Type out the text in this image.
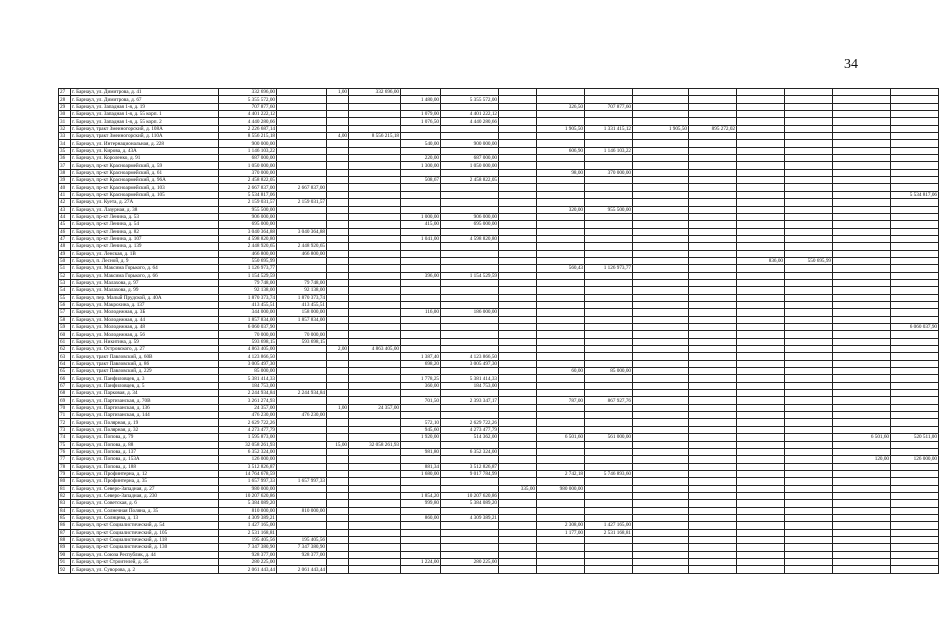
34
27	г. Барнаул, ул. Димитрова, д. 41	332 696,00		1,00	332 696,00											
28	г. Барнаул, ул. Димитрова, д. 67	5 355 572,00				1 480,00	5 355 572,00									
29	г. Барнаул, ул. Западная 1-я, д. 19	707 877,60							326,50	707 877,60						
30	г. Барнаул, ул. Западная 1-я, д. 55 корп. 1	4 401 222,12				1 079,00	4 401 222,12									
31	г. Барнаул, ул. Западная 1-я, д. 55 корп. 2	4 440 280,66				1 076,50	4 440 280,66									
32	г. Барнаул, тракт Змеиногорский, д. 108А	2 226 687,14							1 905,50	1 331 415,12	1 905,50	895 272,02				
33	г. Барнаул, тракт Змеиногорский, д. 110А	8 556 215,18		4,00	8 556 215,18											
34	г. Барнаул, ул. Интернациональная, д. 228	900 000,00				540,00	900 000,00									
35	г. Барнаул, ул. Кирова, д. 43А	1 146 103,22							606,90	1 146 103,22						
36	г. Барнаул, ул. Короленко, д. 91	687 000,00				220,00	687 000,00									
37	г. Барнаул, пр-кт Красноармейский, д. 59	1 050 000,00				1 300,00	1 050 000,00									
38	г. Барнаул, пр-кт Красноармейский, д. 61	370 000,00							98,00	370 000,00						
39	г. Барнаул, пр-кт Красноармейский, д. 96А	2 458 822,05				508,67	2 458 822,05									
40	г. Барнаул, пр-кт Красноармейский, д. 103	2 667 837,00	2 667 837,00													
41	г. Барнаул, пр-кт Красноармейский, д. 105	5 534 817,06														5 534 817,06
42	г. Барнаул, ул. Куета, д. 27А	2 159 031,57	2 159 031,57													
43	г. Барнаул, ул. Лазурная, д. 38	955 500,00							320,00	955 500,00						
44	г. Барнаул, пр-кт Ленина, д. 53	906 000,00				1 000,00	906 000,00									
45	г. Барнаул, пр-кт Ленина, д. 54	695 000,00				415,00	695 000,00									
46	г. Барнаул, пр-кт Ленина, д. 82	3 040 364,88	3 040 364,88													
47	г. Барнаул, пр-кт Ленина, д. 107	4 598 820,80				1 041,00	4 598 820,80									
48	г. Барнаул, пр-кт Ленина, д. 139	2 448 920,65	2 448 920,65													
49	г. Барнаул, ул. Ленская, д. 1В	466 800,00	466 800,00													
50	г. Барнаул, п. Лесной, д. 9	550 695,99											836,00	550 695,99		
51	г. Барнаул, ул. Максима Горького, д. 64	1 126 973,77							560,43	1 126 973,77						
52	г. Барнаул, ул. Максима Горького, д. 66	1 154 529,59				396,00	1 154 529,59									
53	г. Барнаул, ул. Малахова, д. 97	79 748,00	79 748,00													
54	г. Барнаул, ул. Малахова, д. 99	92 138,00	92 138,00													
55	г. Барнаул, пер. Малый Прудской, д. 40А	1 870 373,74	1 870 373,74													
56	г. Барнаул, ул. Макрохина, д. 137	413 455,51	413 455,51													
57	г. Барнаул, ул. Молодежная, д. 3Б	344 000,00	158 000,00			116,00	186 000,00									
58	г. Барнаул, ул. Молодежная, д. 44	1 857 834,00	1 857 834,00													
59	г. Барнаул, ул. Молодежная, д. 48	6 060 037,90														6 060 037,90
60	г. Барнаул, ул. Молодежная, д. 56	70 000,00	70 000,00													
61	г. Барнаул, ул. Никитина, д. 59	593 698,15	593 698,15													
62	г. Барнаул, ул. Островского, д. 27	4 863 405,00		2,00	4 863 405,00											
63	г. Барнаул, тракт Павловский, д. 60В	4 123 866,50				1 387,40	4 123 866,50									
64	г. Барнаул, тракт Павловский, д. 86	3 005 497,30				698,20	3 005 497,30									
65	г. Барнаул, тракт Павловский, д. 229	85 000,00							60,00	85 000,00						
66	г. Барнаул, ул. Панфиловцев, д. 3	5 381 414,33				1 778,25	5 381 414,33									
67	г. Барнаул, ул. Панфиловцев, д. 5	184 753,00				360,00	184 753,00									
68	г. Барнаул, ул. Парковая, д. 34	2 244 934,84	2 244 934,84													
69	г. Барнаул, ул. Партизанская, д. 70В	3 261 274,93				701,50	2 393 347,17		787,00	867 927,76						
70	г. Барнаул, ул. Партизанская, д. 136	24 357,00		1,00	24 357,00											
71	г. Барнаул, ул. Партизанская, д. 144	476 230,00	476 230,00													
72	г. Барнаул, ул. Полярная, д. 19	2 629 722,26				572,10	2 629 722,26									
73	г. Барнаул, ул. Полярная, д. 32	4 273 477,79				945,60	4 273 477,79									
74	г. Барнаул, ул. Попова, д. 79	1 595 873,00				1 920,00	514 362,00		6 501,60	561 000,00					6 501,60	520 511,00
75	г. Барнаул, ул. Попова, д. 88	32 058 261,93		15,00	32 058 261,93											
76	г. Барнаул, ул. Попова, д. 137	6 352 324,00				981,80	6 352 324,00									
77	г. Барнаул, ул. Попова, д. 153А	126 000,00													120,00	126 000,00
78	г. Барнаул, ул. Попова, д. 188	3 512 826,87				881,34	3 512 826,87									
79	г. Барнаул, ул. Профинтерна, д. 12	14 764 678,59				1 680,00	9 017 784,99		2 742,18	5 746 893,60						
80	г. Барнаул, ул. Профинтерна, д. 35	1 657 997,33	1 657 997,33													
81	г. Барнаул, ул. Северо-Западная, д. 27	980 000,00						335,00	980 000,00							
82	г. Барнаул, ул. Северо-Западная, д. 230	10 207 620,86				1 854,20	10 207 620,86									
83	г. Барнаул, ул. Советская, д. 6	5 384 089,20				999,80	5 384 089,20									
84	г. Барнаул, ул. Солнечная Поляна, д. 35	810 000,00	810 000,00													
85	г. Барнаул, ул. Солнцева, д. 13	4 309 389,21				860,00	4 309 389,21									
86	г. Барнаул, пр-кт Социалистический, д. 54	1 427 165,00							2 308,00	1 427 165,00						
87	г. Барнаул, пр-кт Социалистический, д. 105	2 531 168,81							1 177,00	2 531 168,81						
88	г. Барнаул, пр-кт Социалистический, д. 118	195 405,56	195 405,56													
89	г. Барнаул, пр-кт Социалистический, д. 130	7 347 380,90	7 347 380,90													
90	г. Барнаул, ул. Союза Республик, д. 44	928 377,00	928 377,00													
91	г. Барнаул, пр-кт Строителей, д. 35	280 225,00				1 224,00	280 225,00									
92	г. Барнаул, ул. Суворова, д. 2	2 061 443,44	2 061 443,44													
